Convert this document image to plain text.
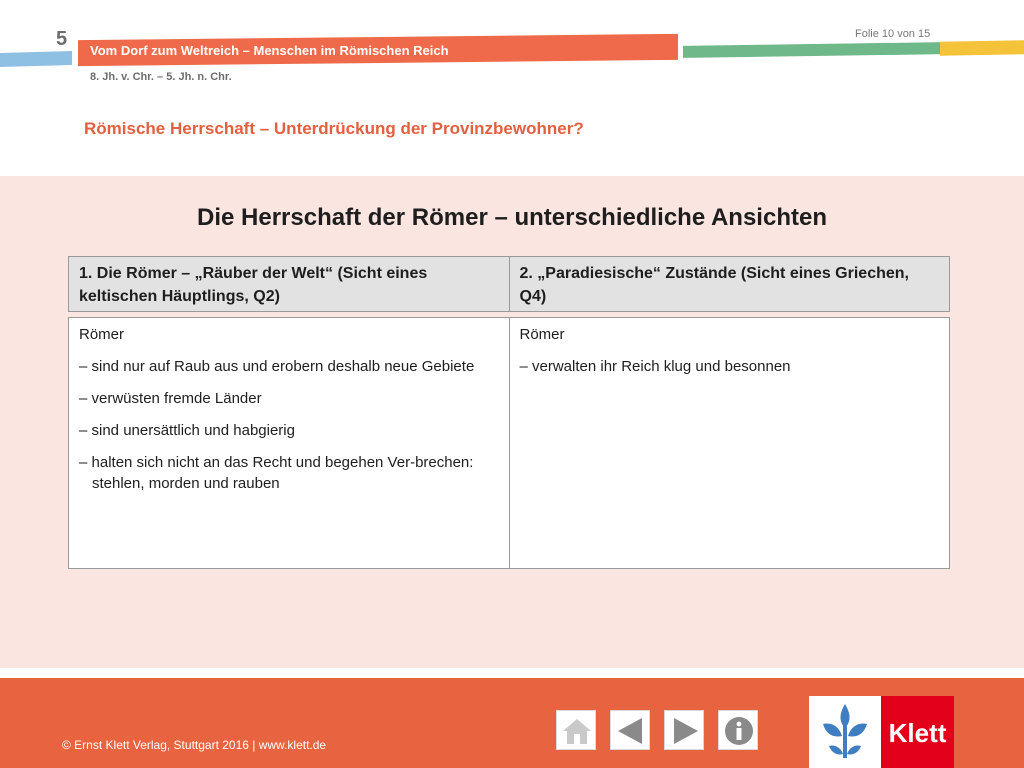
5
Vom Dorf zum Weltreich – Menschen im Römischen Reich
Folie 10 von 15
8. Jh. v. Chr. – 5. Jh. n. Chr.
Römische Herrschaft – Unterdrückung der Provinzbewohner?
Die Herrschaft der Römer – unterschiedliche Ansichten
1. Die Römer – „Räuber der Welt“ (Sicht eines keltischen Häuptlings, Q2)
2. „Paradiesische“ Zustände (Sicht eines Griechen, Q4)

Römer

– sind nur auf Raub aus und erobern deshalb neue Gebiete

– verwüsten fremde Länder

– sind unersättlich und habgierig

– halten sich nicht an das Recht und begehen Ver-brechen: stehlen, morden und rauben

Römer

– verwalten ihr Reich klug und besonnen

© Ernst Klett Verlag, Stuttgart 2016 | www.klett.de	Klett
